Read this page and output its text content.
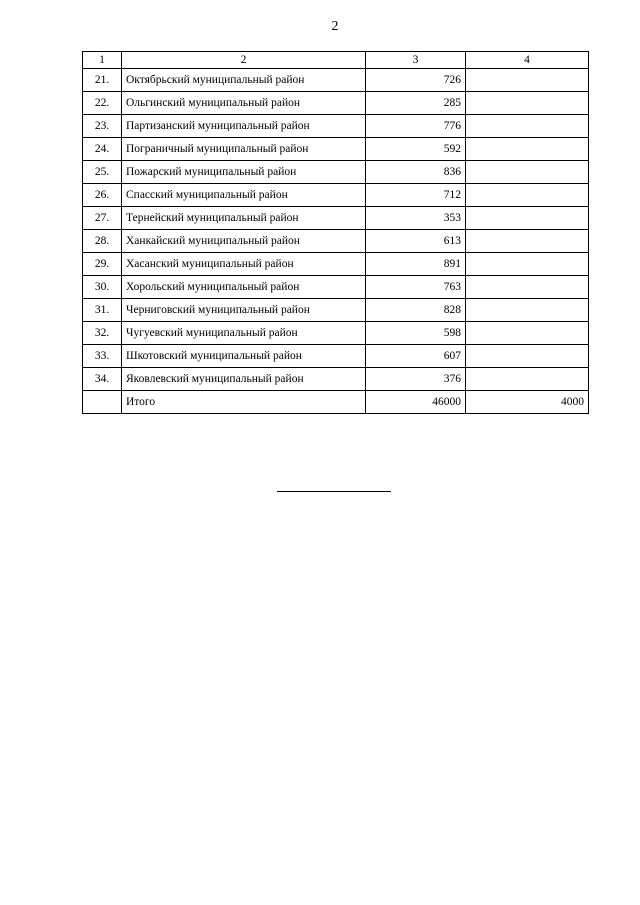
2
1	2	3	4
21.	Октябрьский муниципальный район	726	
22.	Ольгинский муниципальный район	285	
23.	Партизанский муниципальный район	776	
24.	Пограничный муниципальный район	592	
25.	Пожарский муниципальный район	836	
26.	Спасский муниципальный район	712	
27.	Тернейский муниципальный район	353	
28.	Ханкайский муниципальный район	613	
29.	Хасанский муниципальный район	891	
30.	Хорольский муниципальный район	763	
31.	Черниговский муниципальный район	828	
32.	Чугуевский муниципальный район	598	
33.	Шкотовский муниципальный район	607	
34.	Яковлевский муниципальный район	376	
	Итого	46000	4000
